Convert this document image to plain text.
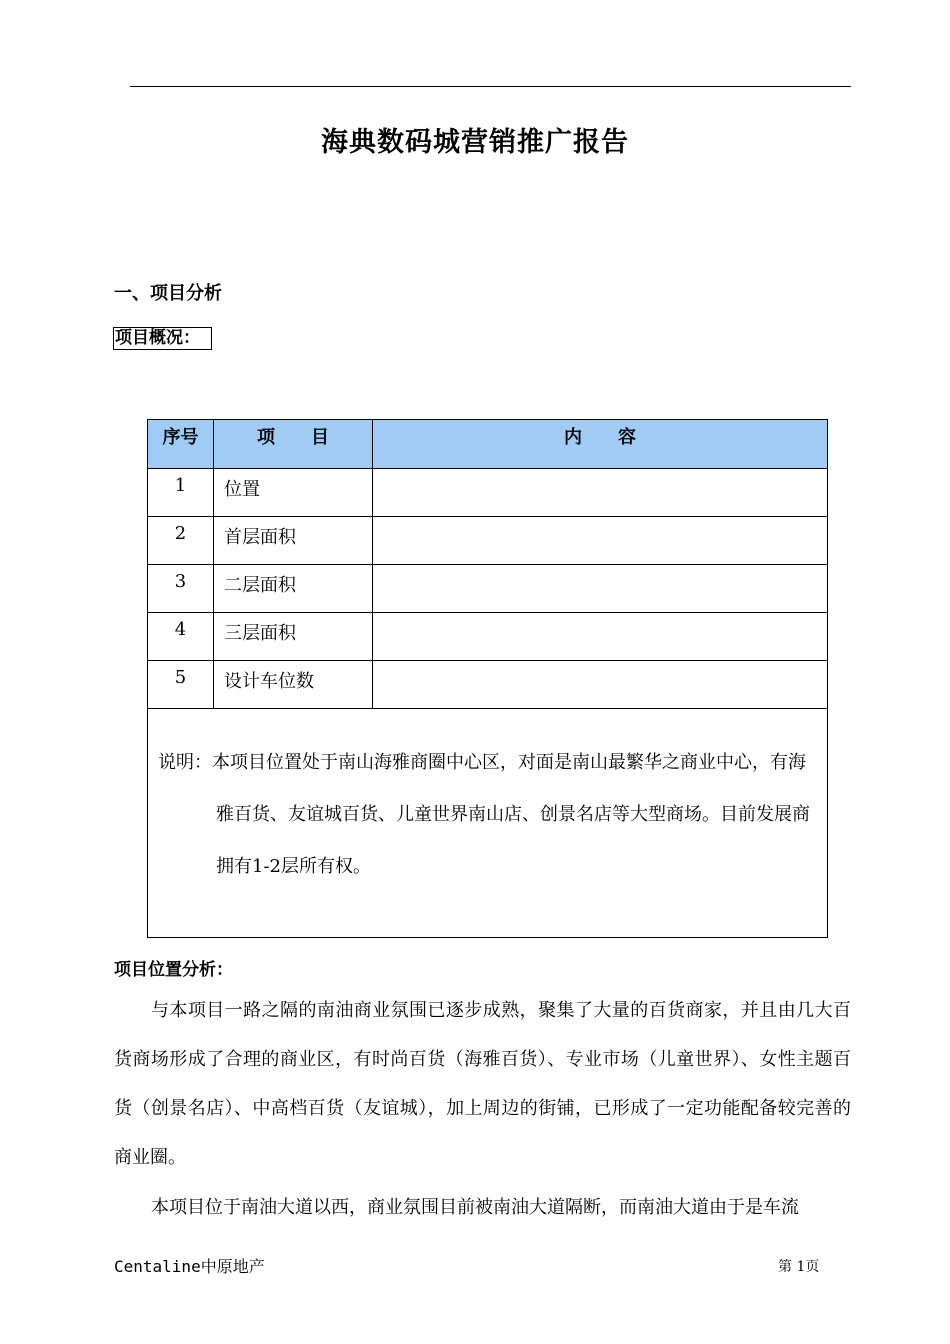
海典数码城营销推广报告
一、项目分析
项目概况：
序号	项　　目	内　　容
1	位置	
2	首层面积	
3	二层面积	
4	三层面积	
5	设计车位数	

说明：本项目位置处于南山海雅商圈中心区，对面是南山最繁华之商业中心，有海雅百货、友谊城百货、儿童世界南山店、创景名店等大型商场。目前发展商拥有1-2层所有权。		
项目位置分析：
与本项目一路之隔的南油商业氛围已逐步成熟，聚集了大量的百货商家，并且由几大百货商场形成了合理的商业区，有时尚百货（海雅百货）、专业市场（儿童世界）、女性主题百货（创景名店）、中高档百货（友谊城），加上周边的街铺，已形成了一定功能配备较完善的商业圈。
本项目位于南油大道以西，商业氛围目前被南油大道隔断，而南油大道由于是车流
Centaline中原地产	第 1页
